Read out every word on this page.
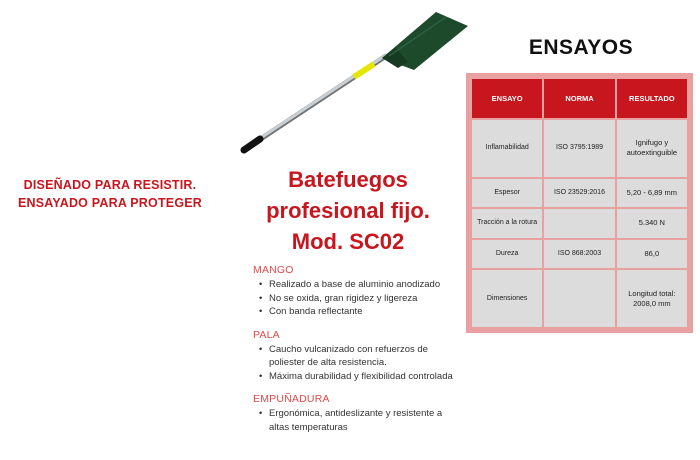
DISEÑADO PARA RESISTIR.
ENSAYADO PARA PROTEGER
Batefuegos
profesional fijo.
Mod. SC02
MANGO
• Realizado a base de aluminio anodizado
• No se oxida, gran rigidez y ligereza
• Con banda reflectante
PALA
• Caucho vulcanizado con refuerzos de poliester de alta resistencia.
• Máxima durabilidad y flexibilidad controlada
EMPUÑADURA
• Ergonómica, antideslizante y resistente a altas temperaturas
ENSAYOS
ENSAYO	NORMA	RESULTADO
Inflamabilidad	ISO 3795:1989	Ignifugo y autoextinguible
Espesor	ISO 23529:2016	5,20 - 6,89 mm
Tracción a la rotura		5.340 N
Dureza	ISO 868:2003	86,0
Dimensiones		Longitud total: 2008,0 mm
